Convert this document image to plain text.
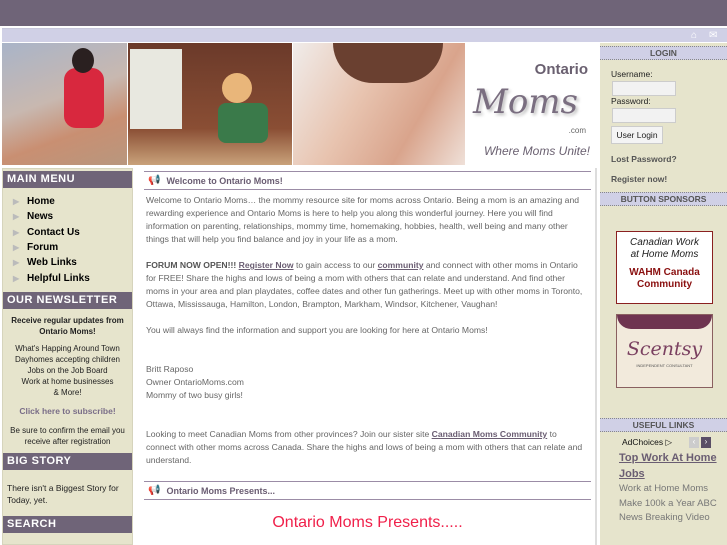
⌂ ✉
Ontario
Moms
.com
Where Moms Unite!
MAIN MENU
▶ Home
▶ News
▶ Contact Us
▶ Forum
▶ Web Links
▶ Helpful Links
OUR NEWSLETTER
Receive regular updates from Ontario Moms!
What's Happing Around Town
Dayhomes accepting children
Jobs on the Job Board
Work at home businesses
& More!
Click here to subscribe!
Be sure to confirm the email you receive after registration
BIG STORY
There isn't a Biggest Story for Today, yet.
SEARCH
📢 Welcome to Ontario Moms!

Welcome to Ontario Moms… the mommy resource site for moms across Ontario. Being a mom is an amazing and rewarding experience and Ontario Moms is here to help you along this wonderful journey. Here you will find information on parenting, relationships, mommy time, homemaking, hobbies, health, well being and many other things that will help you find balance and joy in your life as a mom.

FORUM NOW OPEN!!! Register Now to gain access to our community and connect with other moms in Ontario for FREE! Share the highs and lows of being a mom with others that can relate and understand. And find other moms in your area and plan playdates, coffee dates and other fun gatherings. Meet up with other moms in Toronto, Ottawa, Mississauga, Hamilton, London, Brampton, Markham, Windsor, Kitchener, Vaughan!

You will always find the information and support you are looking for here at Ontario Moms!

Britt Raposo
Owner OntarioMoms.com
Mommy of two busy girls!

Looking to meet Canadian Moms from other provinces? Join our sister site Canadian Moms Community to connect with other moms across Canada. Share the highs and lows of being a mom with others that can relate and understand.

📢 Ontario Moms Presents...
Ontario Moms Presents.....
LOGIN
Username:
Password:
User Login
Lost Password?
Register now!
BUTTON SPONSORS
Canadian Work
at Home Moms
WAHM Canada
Community
Scentsy
INDEPENDENT CONSULTANT
USEFUL LINKS
AdChoices ▷	‹	›
Top Work At Home Jobs
Work at Home Moms Make 100k a Year ABC News Breaking Video
